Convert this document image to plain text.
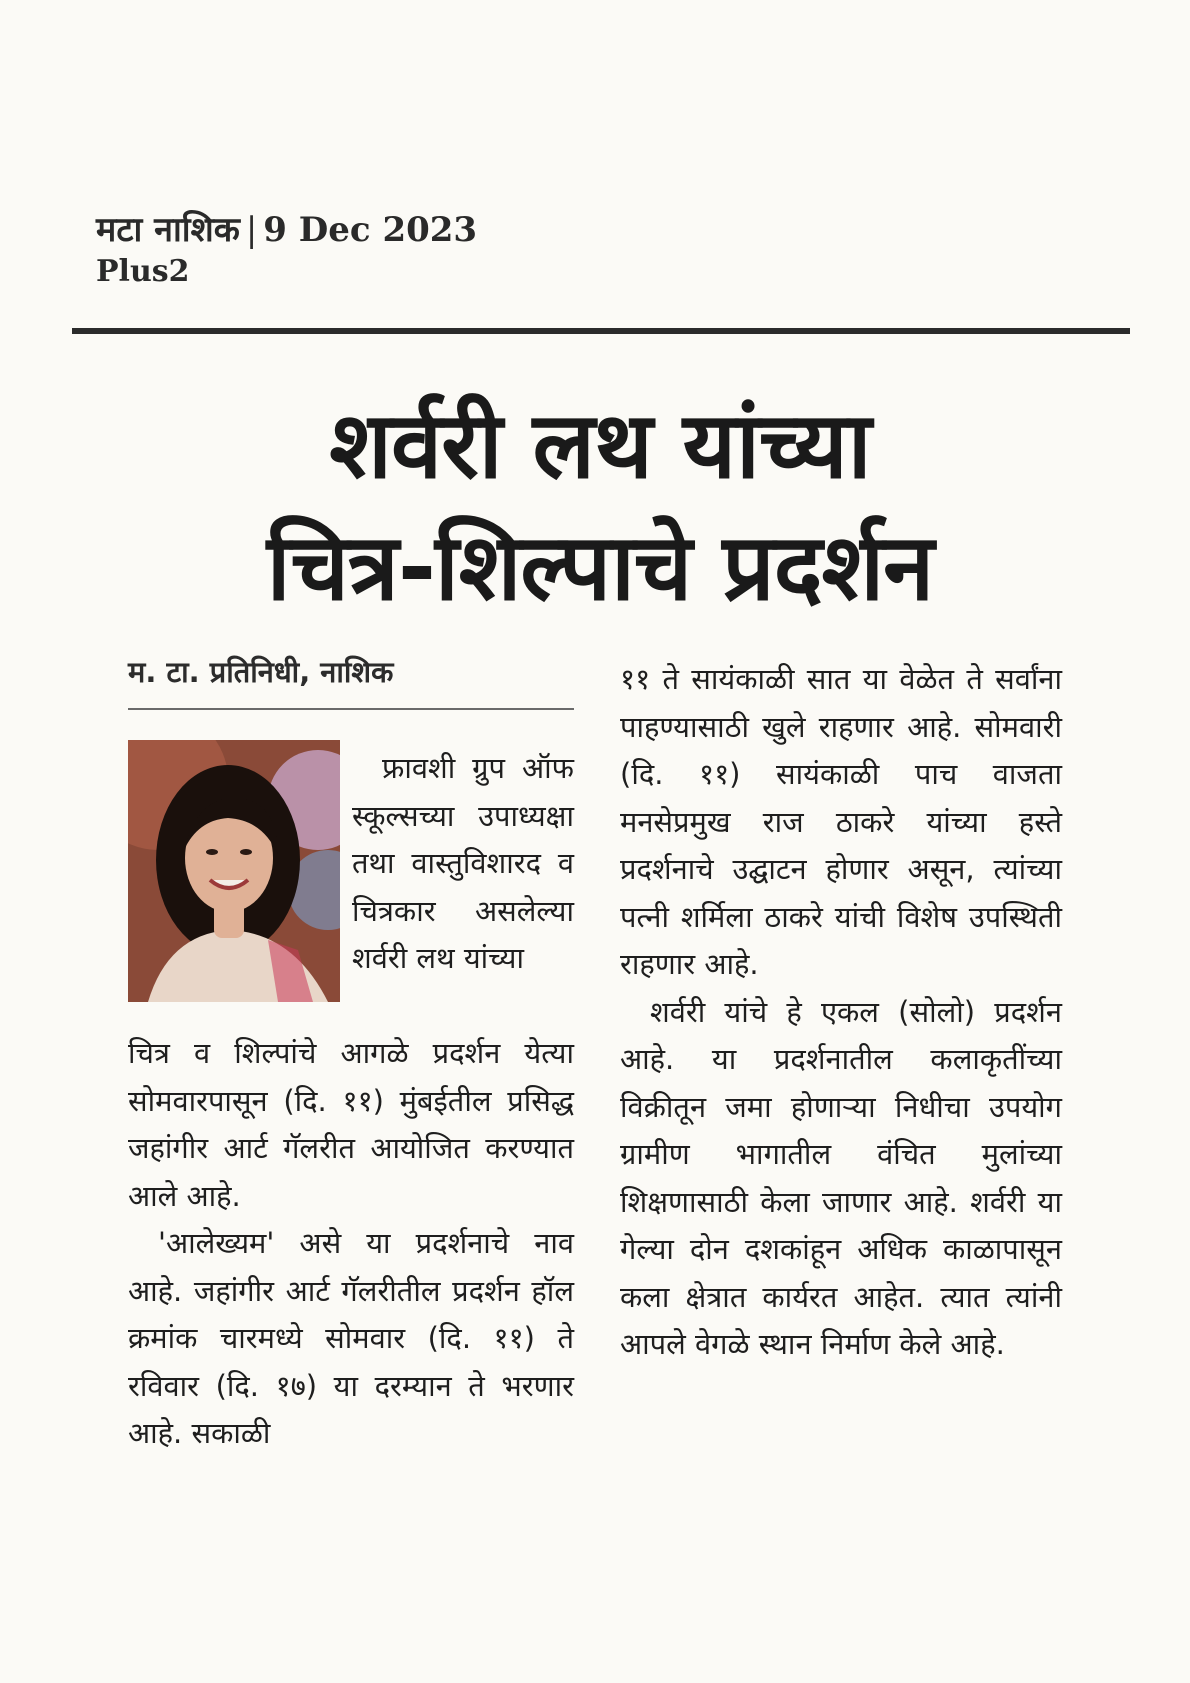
मटा नाशिक | 9 Dec 2023
Plus2
शर्वरी लथ यांच्या
चित्र-शिल्पाचे प्रदर्शन
म. टा. प्रतिनिधी, नाशिक

फ्रावशी ग्रुप ऑफ स्कूल्सच्या उपाध्यक्षा तथा वास्तुविशारद व चित्रकार असलेल्या शर्वरी लथ यांच्या

चित्र व शिल्पांचे आगळे प्रदर्शन येत्या सोमवारपासून (दि. ११) मुंबईतील प्रसिद्ध जहांगीर आर्ट गॅलरीत आयोजित करण्यात आले आहे.

'आलेख्यम' असे या प्रदर्शनाचे नाव आहे. जहांगीर आर्ट गॅलरीतील प्रदर्शन हॉल क्रमांक चारमध्ये सोमवार (दि. ११) ते रविवार (दि. १७) या दरम्यान ते भरणार आहे. सकाळी

११ ते सायंकाळी सात या वेळेत ते सर्वांना पाहण्यासाठी खुले राहणार आहे. सोमवारी (दि. ११) सायंकाळी पाच वाजता मनसेप्रमुख राज ठाकरे यांच्या हस्ते प्रदर्शनाचे उद्घाटन होणार असून, त्यांच्या पत्नी शर्मिला ठाकरे यांची विशेष उपस्थिती राहणार आहे.

शर्वरी यांचे हे एकल (सोलो) प्रदर्शन आहे. या प्रदर्शनातील कलाकृतींच्या विक्रीतून जमा होणाऱ्या निधीचा उपयोग ग्रामीण भागातील वंचित मुलांच्या शिक्षणासाठी केला जाणार आहे. शर्वरी या गेल्या दोन दशकांहून अधिक काळापासून कला क्षेत्रात कार्यरत आहेत. त्यात त्यांनी आपले वेगळे स्थान निर्माण केले आहे.
